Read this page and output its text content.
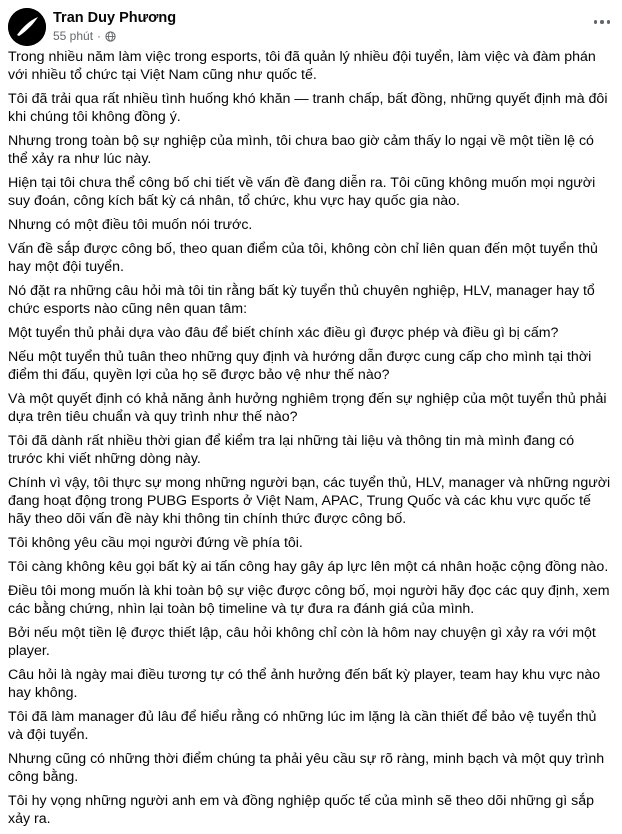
Tran Duy Phương
55 phút ·

Trong nhiều năm làm việc trong esports, tôi đã quản lý nhiều đội tuyển, làm việc và đàm phán với nhiều tổ chức tại Việt Nam cũng như quốc tế.

Tôi đã trải qua rất nhiều tình huống khó khăn — tranh chấp, bất đồng, những quyết định mà đôi khi chúng tôi không đồng ý.

Nhưng trong toàn bộ sự nghiệp của mình, tôi chưa bao giờ cảm thấy lo ngại về một tiền lệ có thể xảy ra như lúc này.

Hiện tại tôi chưa thể công bố chi tiết về vấn đề đang diễn ra. Tôi cũng không muốn mọi người suy đoán, công kích bất kỳ cá nhân, tổ chức, khu vực hay quốc gia nào.

Nhưng có một điều tôi muốn nói trước.

Vấn đề sắp được công bố, theo quan điểm của tôi, không còn chỉ liên quan đến một tuyển thủ hay một đội tuyển.

Nó đặt ra những câu hỏi mà tôi tin rằng bất kỳ tuyển thủ chuyên nghiệp, HLV, manager hay tổ chức esports nào cũng nên quan tâm:

Một tuyển thủ phải dựa vào đâu để biết chính xác điều gì được phép và điều gì bị cấm?

Nếu một tuyển thủ tuân theo những quy định và hướng dẫn được cung cấp cho mình tại thời điểm thi đấu, quyền lợi của họ sẽ được bảo vệ như thế nào?

Và một quyết định có khả năng ảnh hưởng nghiêm trọng đến sự nghiệp của một tuyển thủ phải dựa trên tiêu chuẩn và quy trình như thế nào?

Tôi đã dành rất nhiều thời gian để kiểm tra lại những tài liệu và thông tin mà mình đang có trước khi viết những dòng này.

Chính vì vậy, tôi thực sự mong những người bạn, các tuyển thủ, HLV, manager và những người đang hoạt động trong PUBG Esports ở Việt Nam, APAC, Trung Quốc và các khu vực quốc tế hãy theo dõi vấn đề này khi thông tin chính thức được công bố.

Tôi không yêu cầu mọi người đứng về phía tôi.

Tôi càng không kêu gọi bất kỳ ai tấn công hay gây áp lực lên một cá nhân hoặc cộng đồng nào.

Điều tôi mong muốn là khi toàn bộ sự việc được công bố, mọi người hãy đọc các quy định, xem các bằng chứng, nhìn lại toàn bộ timeline và tự đưa ra đánh giá của mình.

Bởi nếu một tiền lệ được thiết lập, câu hỏi không chỉ còn là hôm nay chuyện gì xảy ra với một player.

Câu hỏi là ngày mai điều tương tự có thể ảnh hưởng đến bất kỳ player, team hay khu vực nào hay không.

Tôi đã làm manager đủ lâu để hiểu rằng có những lúc im lặng là cần thiết để bảo vệ tuyển thủ và đội tuyển.

Nhưng cũng có những thời điểm chúng ta phải yêu cầu sự rõ ràng, minh bạch và một quy trình công bằng.

Tôi hy vọng những người anh em và đồng nghiệp quốc tế của mình sẽ theo dõi những gì sắp xảy ra.
